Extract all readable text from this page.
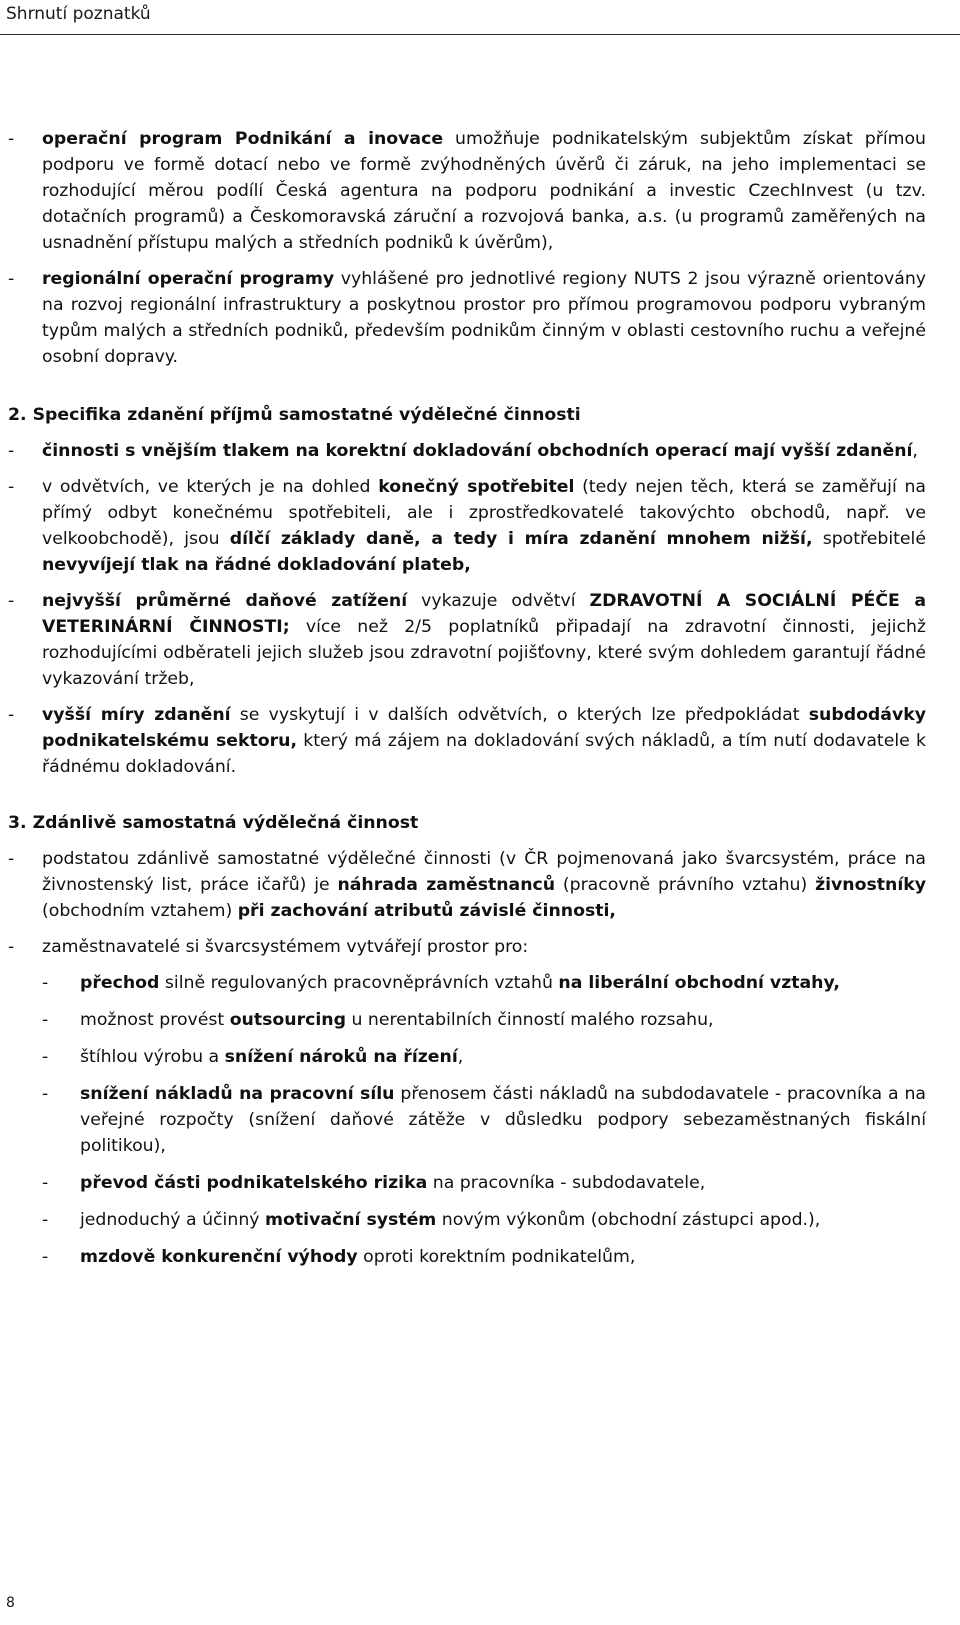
Shrnutí poznatků

- operační program Podnikání a inovace umožňuje podnikatelským subjektům získat přímou podporu ve formě dotací nebo ve formě zvýhodněných úvěrů či záruk, na jeho implementaci se rozhodující měrou podílí Česká agentura na podporu podnikání a investic CzechInvest (u tzv. dotačních programů) a Českomoravská záruční a rozvojová banka, a.s. (u programů zaměřených na usnadnění přístupu malých a středních podniků k úvěrům),

- regionální operační programy vyhlášené pro jednotlivé regiony NUTS 2 jsou výrazně orientovány na rozvoj regionální infrastruktury a poskytnou prostor pro přímou programovou podporu vybraným typům malých a středních podniků, především podnikům činným v oblasti cestovního ruchu a veřejné osobní dopravy.

2. Specifika zdanění příjmů samostatné výdělečné činnosti

- činnosti s vnějším tlakem na korektní dokladování obchodních operací mají vyšší zdanění,

- v odvětvích, ve kterých je na dohled konečný spotřebitel (tedy nejen těch, která se zaměřují na přímý odbyt konečnému spotřebiteli, ale i zprostředkovatelé takovýchto obchodů, např. ve velkoobchodě), jsou dílčí základy daně, a tedy i míra zdanění mnohem nižší, spotřebitelé nevyvíjejí tlak na řádné dokladování plateb,

- nejvyšší průměrné daňové zatížení vykazuje odvětví ZDRAVOTNÍ A SOCIÁLNÍ PÉČE a VETERINÁRNÍ ČINNOSTI; více než 2/5 poplatníků připadají na zdravotní činnosti, jejichž rozhodujícími odběrateli jejich služeb jsou zdravotní pojišťovny, které svým dohledem garantují řádné vykazování tržeb,

- vyšší míry zdanění se vyskytují i v dalších odvětvích, o kterých lze předpokládat subdodávky podnikatelskému sektoru, který má zájem na dokladování svých nákladů, a tím nutí dodavatele k řádnému dokladování.

3. Zdánlivě samostatná výdělečná činnost

- podstatou zdánlivě samostatné výdělečné činnosti (v ČR pojmenovaná jako švarcsystém, práce na živnostenský list, práce ičařů) je náhrada zaměstnanců (pracovně právního vztahu) živnostníky (obchodním vztahem) při zachování atributů závislé činnosti,

- zaměstnavatelé si švarcsystémem vytvářejí prostor pro:

- přechod silně regulovaných pracovněprávních vztahů na liberální obchodní vztahy,

- možnost provést outsourcing u nerentabilních činností malého rozsahu,

- štíhlou výrobu a snížení nároků na řízení,

- snížení nákladů na pracovní sílu přenosem části nákladů na subdodavatele - pracovníka a na veřejné rozpočty (snížení daňové zátěže v důsledku podpory sebezaměstnaných fiskální politikou),

- převod části podnikatelského rizika na pracovníka - subdodavatele,

- jednoduchý a účinný motivační systém novým výkonům (obchodní zástupci apod.),

- mzdově konkurenční výhody oproti korektním podnikatelům,

8
